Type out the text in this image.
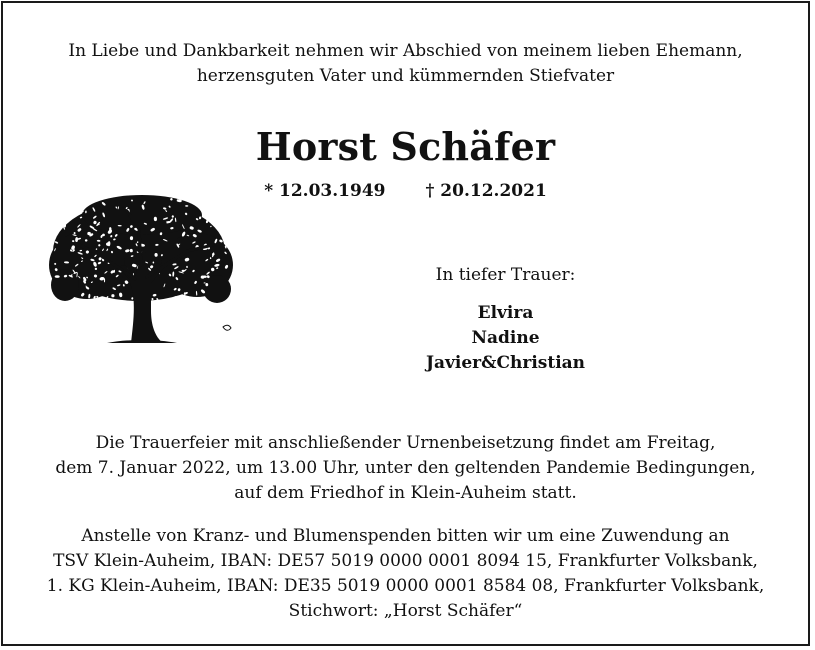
In Liebe und Dankbarkeit nehmen wir Abschied von meinem lieben Ehemann,
herzensguten Vater und kümmernden Stiefvater
Horst Schäfer
* 12.03.1949 † 20.12.2021
In tiefer Trauer:
Elvira
Nadine
Javier&Christian
Die Trauerfeier mit anschließender Urnenbeisetzung findet am Freitag,
dem 7. Januar 2022, um 13.00 Uhr, unter den geltenden Pandemie Bedingungen,
auf dem Friedhof in Klein-Auheim statt.
Anstelle von Kranz- und Blumenspenden bitten wir um eine Zuwendung an
TSV Klein-Auheim, IBAN: DE57 5019 0000 0001 8094 15, Frankfurter Volksbank,
1. KG Klein-Auheim, IBAN: DE35 5019 0000 0001 8584 08, Frankfurter Volksbank,
Stichwort: „Horst Schäfer“
